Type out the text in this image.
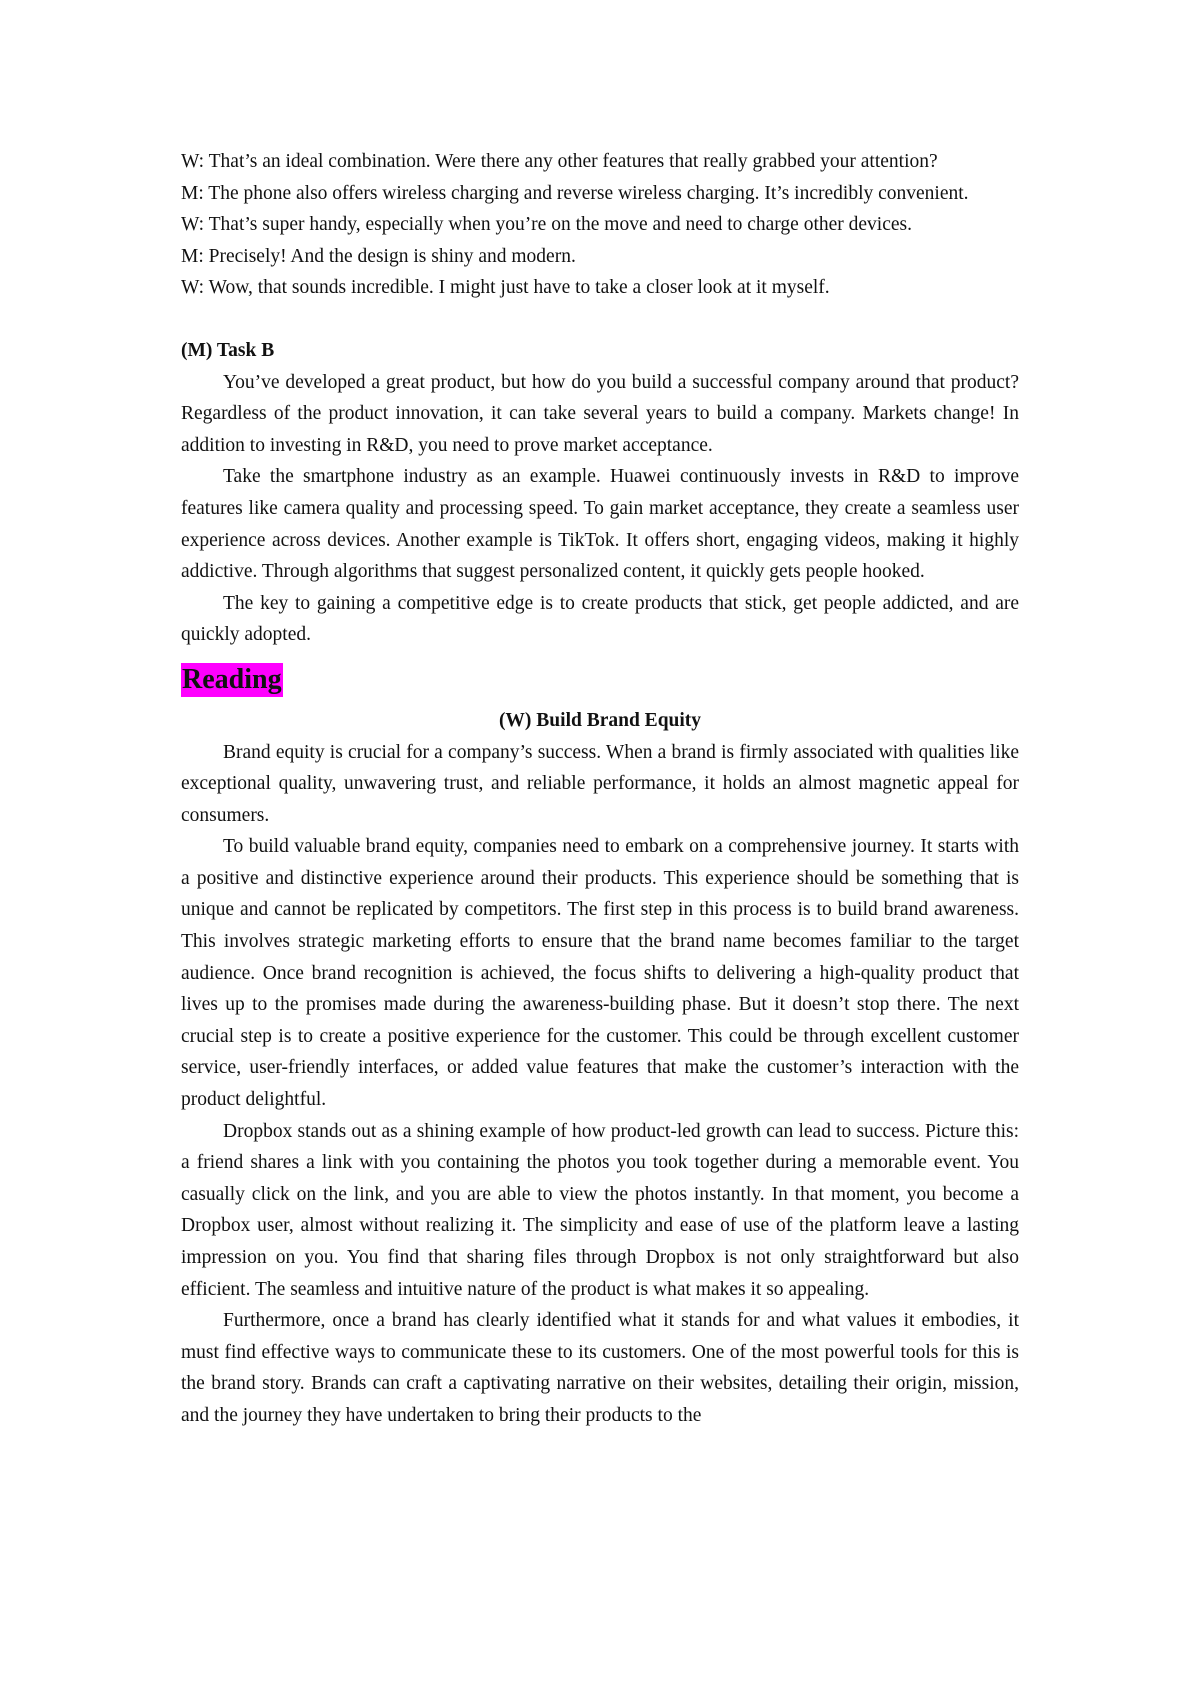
W: That’s an ideal combination. Were there any other features that really grabbed your attention?
M: The phone also offers wireless charging and reverse wireless charging. It’s incredibly convenient.
W: That’s super handy, especially when you’re on the move and need to charge other devices.
M: Precisely! And the design is shiny and modern.
W: Wow, that sounds incredible. I might just have to take a closer look at it myself.

(M) Task B

You’ve developed a great product, but how do you build a successful company around that product? Regardless of the product innovation, it can take several years to build a company. Markets change! In addition to investing in R&D, you need to prove market acceptance.

Take the smartphone industry as an example. Huawei continuously invests in R&D to improve features like camera quality and processing speed. To gain market acceptance, they create a seamless user experience across devices. Another example is TikTok. It offers short, engaging videos, making it highly addictive. Through algorithms that suggest personalized content, it quickly gets people hooked.

The key to gaining a competitive edge is to create products that stick, get people addicted, and are quickly adopted.

Reading

(W) Build Brand Equity

Brand equity is crucial for a company’s success. When a brand is firmly associated with qualities like exceptional quality, unwavering trust, and reliable performance, it holds an almost magnetic appeal for consumers.

To build valuable brand equity, companies need to embark on a comprehensive journey. It starts with a positive and distinctive experience around their products. This experience should be something that is unique and cannot be replicated by competitors. The first step in this process is to build brand awareness. This involves strategic marketing efforts to ensure that the brand name becomes familiar to the target audience. Once brand recognition is achieved, the focus shifts to delivering a high-quality product that lives up to the promises made during the awareness-building phase. But it doesn’t stop there. The next crucial step is to create a positive experience for the customer. This could be through excellent customer service, user-friendly interfaces, or added value features that make the customer’s interaction with the product delightful.

Dropbox stands out as a shining example of how product-led growth can lead to success. Picture this: a friend shares a link with you containing the photos you took together during a memorable event. You casually click on the link, and you are able to view the photos instantly. In that moment, you become a Dropbox user, almost without realizing it. The simplicity and ease of use of the platform leave a lasting impression on you. You find that sharing files through Dropbox is not only straightforward but also efficient. The seamless and intuitive nature of the product is what makes it so appealing.

Furthermore, once a brand has clearly identified what it stands for and what values it embodies, it must find effective ways to communicate these to its customers. One of the most powerful tools for this is the brand story. Brands can craft a captivating narrative on their websites, detailing their origin, mission, and the journey they have undertaken to bring their products to the
